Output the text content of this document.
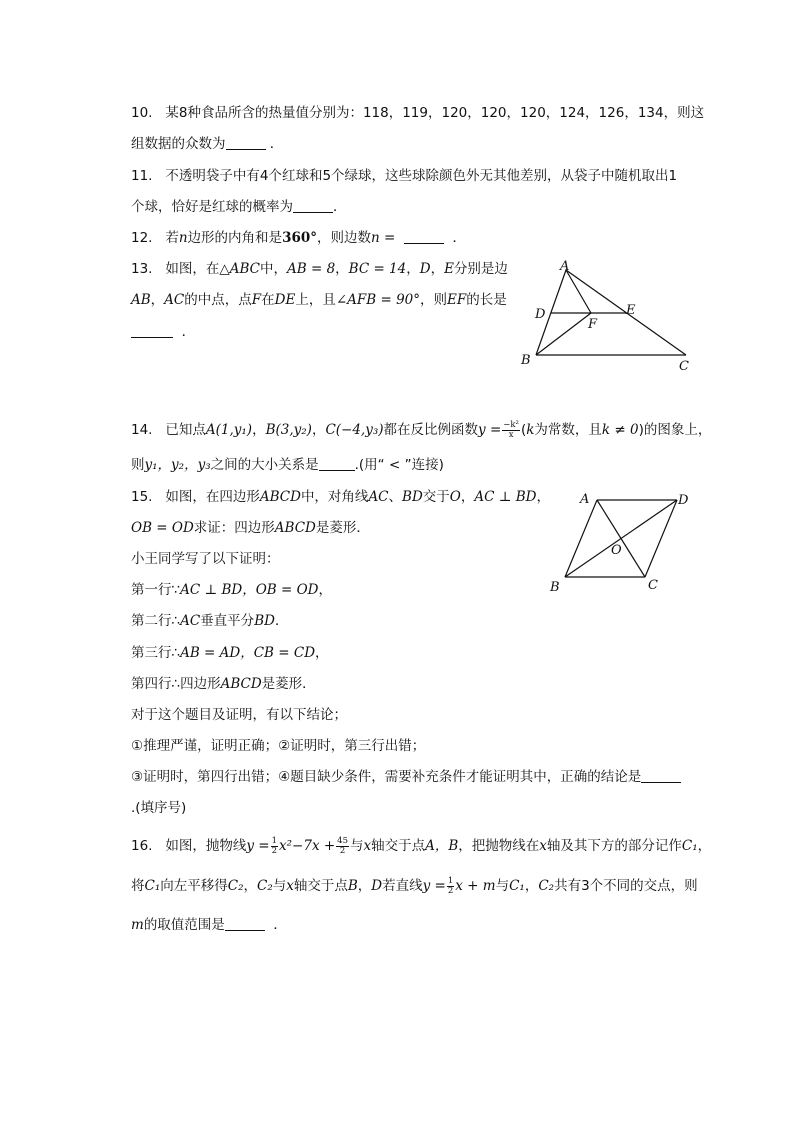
10. 某8种食品所含的热量值分别为：118，119，120，120，120，124，126，134，则这
组数据的众数为	．
11. 不透明袋子中有4个红球和5个绿球，这些球除颜色外无其他差别，从袋子中随机取出1
个球，恰好是红球的概率为	．
12. 若n边形的内角和是360°，则边数n =	．
13. 如图，在△ABC中，AB = 8，BC = 14，D，E分别是边
AB，AC的中点，点F在DE上，且∠AFB = 90°，则EF的长是
．
A
B	C
D	E
F
14. 已知点A(1,y₁)，B(3,y₂)，C(−4,y₃)都在反比例函数$y = \frac{\text{−k²}}{x} (k$为常数，且k ≠ 0)的图象上，
则y₁，y₂，y₃之间的大小关系是	.(用“ < ”连接)
15. 如图，在四边形ABCD中，对角线AC、BD交于O，AC ⊥ BD，
OB = OD求证：四边形ABCD是菱形．
小王同学写了以下证明：
第一行∵AC ⊥ BD，OB = OD，
第二行∴AC垂直平分BD．
第三行∴AB = AD，CB = CD，
第四行∴四边形ABCD是菱形．
对于这个题目及证明，有以下结论；
①推理严谨，证明正确；②证明时，第三行出错；
③证明时，第四行出错；④题目缺少条件，需要补充条件才能证明其中，正确的结论是
.(填序号)
A	D
B	C
O
16. 如图，抛物线$y = \frac{1}{2} x^2-7x + \frac{45}{2}$ 与x轴交于点A，B，把抛物线在x轴及其下方的部分记作C₁，
将C₁向左平移得C₂，C₂与x轴交于点B，D若直线$y = \frac{1}{2}$ x + m与C₁，C₂共有3个不同的交点，则
m的取值范围是	．
